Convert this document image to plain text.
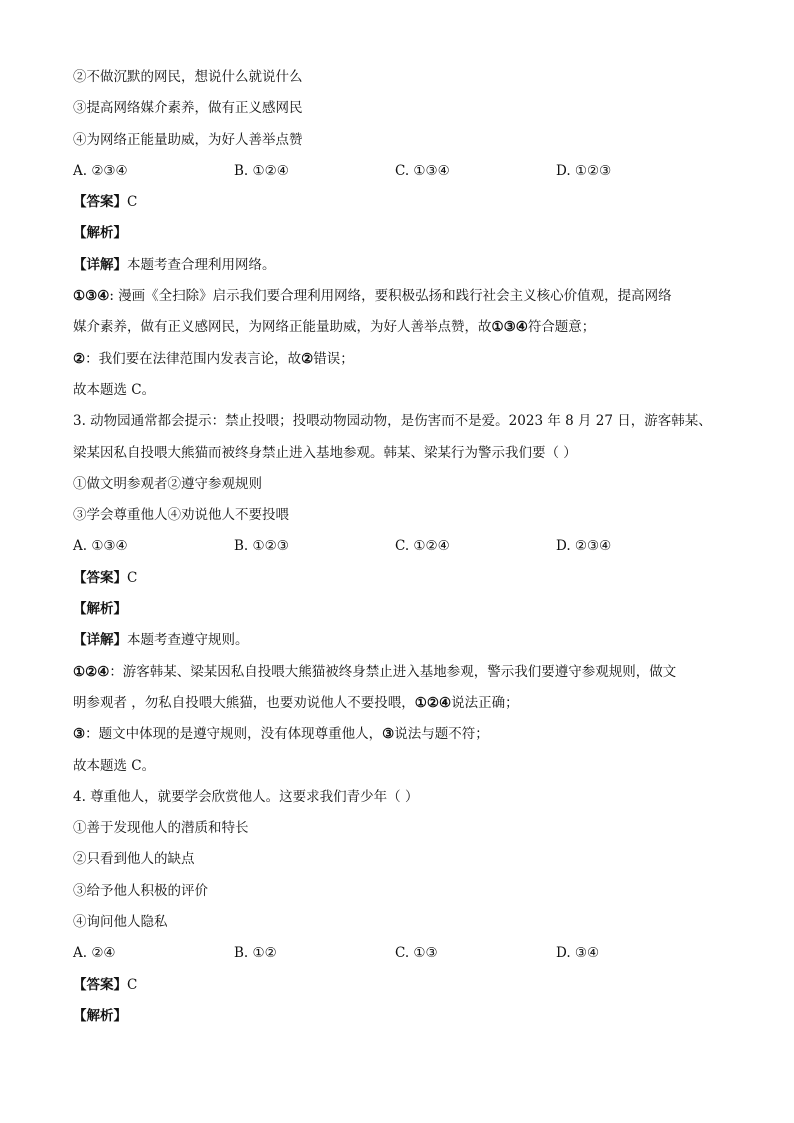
②不做沉默的网民，想说什么就说什么
③提高网络媒介素养，做有正义感网民
④为网络正能量助威，为好人善举点赞
A. ②③④	B. ①②④	C. ①③④	D. ①②③
【答案】C
【解析】
【详解】本题考查合理利用网络。
①③④: 漫画《全扫除》启示我们要合理利用网络，要积极弘扬和践行社会主义核心价值观，提高网络
媒介素养，做有正义感网民，为网络正能量助威，为好人善举点赞，故①③④符合题意；
②：我们要在法律范围内发表言论，故②错误；
故本题选 C。
3. 动物园通常都会提示：禁止投喂；投喂动物园动物，是伤害而不是爱。2023 年 8 月 27 日，游客韩某、
梁某因私自投喂大熊猫而被终身禁止进入基地参观。韩某、梁某行为警示我们要（ ）
①做文明参观者②遵守参观规则
③学会尊重他人④劝说他人不要投喂
A. ①③④	B. ①②③	C. ①②④	D. ②③④
【答案】C
【解析】
【详解】本题考查遵守规则。
①②④：游客韩某、梁某因私自投喂大熊猫被终身禁止进入基地参观，警示我们要遵守参观规则，做文
明参观者 ，勿私自投喂大熊猫，也要劝说他人不要投喂，①②④说法正确；
③：题文中体现的是遵守规则，没有体现尊重他人，③说法与题不符；
故本题选 C。
4. 尊重他人，就要学会欣赏他人。这要求我们青少年（ ）
①善于发现他人的潜质和特长
②只看到他人的缺点
③给予他人积极的评价
④询问他人隐私
A. ②④	B. ①②	C. ①③	D. ③④
【答案】C
【解析】
